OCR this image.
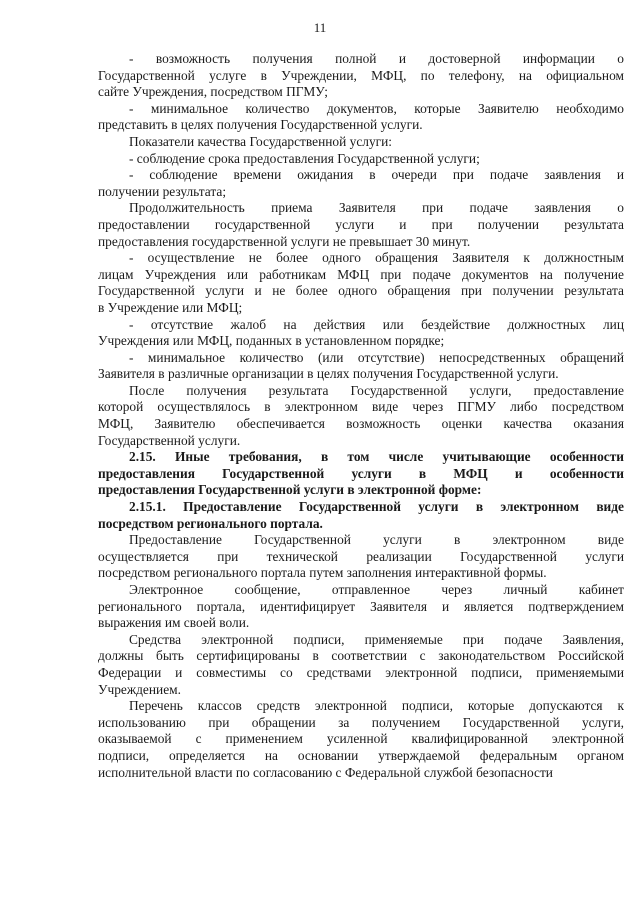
11
- возможность получения полной и достоверной информации о
Государственной услуге в Учреждении, МФЦ, по телефону, на официальном
сайте Учреждения, посредством ПГМУ;
- минимальное количество документов, которые Заявителю необходимо
представить в целях получения Государственной услуги.
Показатели качества Государственной услуги:
- соблюдение срока предоставления Государственной услуги;
- соблюдение времени ожидания в очереди при подаче заявления и
получении результата;
Продолжительность приема Заявителя при подаче заявления о
предоставлении государственной услуги и при получении результата
предоставления государственной услуги не превышает 30 минут.
- осуществление не более одного обращения Заявителя к должностным
лицам Учреждения или работникам МФЦ при подаче документов на получение
Государственной услуги и не более одного обращения при получении результата
в Учреждение или МФЦ;
- отсутствие жалоб на действия или бездействие должностных лиц
Учреждения или МФЦ, поданных в установленном порядке;
- минимальное количество (или отсутствие) непосредственных обращений
Заявителя в различные организации в целях получения Государственной услуги.
После получения результата Государственной услуги, предоставление
которой осуществлялось в электронном виде через ПГМУ либо посредством
МФЦ, Заявителю обеспечивается возможность оценки качества оказания
Государственной услуги.
2.15. Иные требования, в том числе учитывающие особенности
предоставления Государственной услуги в МФЦ и особенности
предоставления Государственной услуги в электронной форме:
2.15.1. Предоставление Государственной услуги в электронном виде
посредством регионального портала.
Предоставление Государственной услуги в электронном виде
осуществляется при технической реализации Государственной услуги
посредством регионального портала путем заполнения интерактивной формы.
Электронное сообщение, отправленное через личный кабинет
регионального портала, идентифицирует Заявителя и является подтверждением
выражения им своей воли.
Средства электронной подписи, применяемые при подаче Заявления,
должны быть сертифицированы в соответствии с законодательством Российской
Федерации и совместимы со средствами электронной подписи, применяемыми
Учреждением.
Перечень классов средств электронной подписи, которые допускаются к
использованию при обращении за получением Государственной услуги,
оказываемой с применением усиленной квалифицированной электронной
подписи, определяется на основании утверждаемой федеральным органом
исполнительной власти по согласованию с Федеральной службой безопасности
